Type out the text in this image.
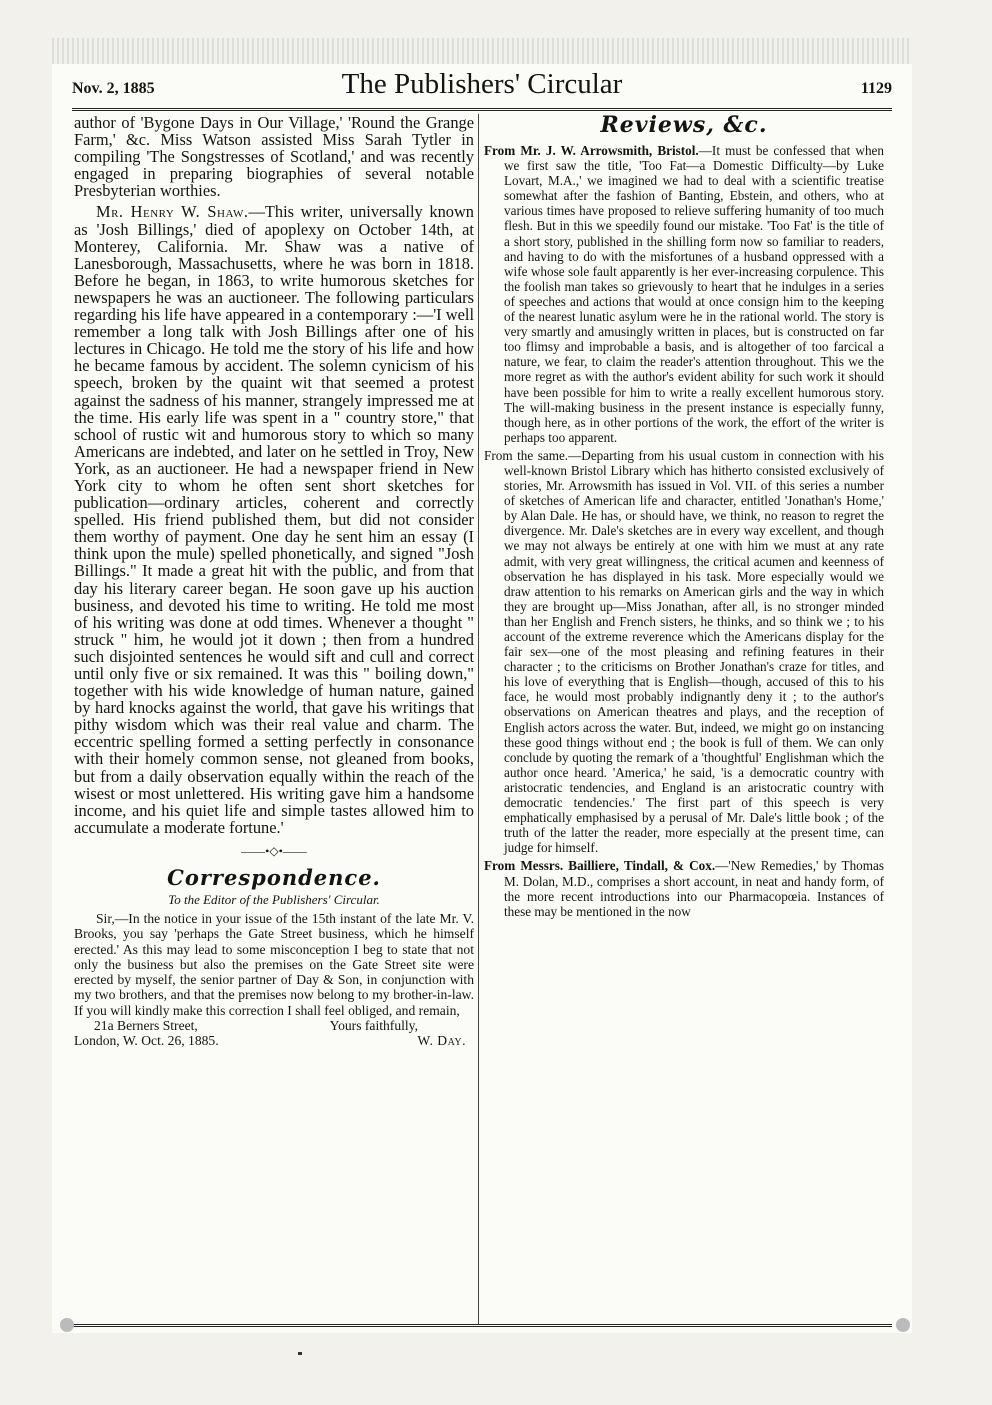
Nov. 2, 1885	The Publishers' Circular	1129

author of 'Bygone Days in Our Village,' 'Round the Grange Farm,' &c. Miss Watson assisted Miss Sarah Tytler in compiling 'The Songstresses of Scotland,' and was recently engaged in preparing biographies of several notable Presbyterian worthies.

Mr. Henry W. Shaw.—This writer, universally known as 'Josh Billings,' died of apoplexy on October 14th, at Monterey, California. Mr. Shaw was a native of Lanesborough, Massachusetts, where he was born in 1818. Before he began, in 1863, to write humorous sketches for newspapers he was an auctioneer. The following particulars regarding his life have appeared in a contemporary :—'I well remember a long talk with Josh Billings after one of his lectures in Chicago. He told me the story of his life and how he became famous by accident. The solemn cynicism of his speech, broken by the quaint wit that seemed a protest against the sadness of his manner, strangely impressed me at the time. His early life was spent in a " country store," that school of rustic wit and humorous story to which so many Americans are indebted, and later on he settled in Troy, New York, as an auctioneer. He had a newspaper friend in New York city to whom he often sent short sketches for publication—ordinary articles, coherent and correctly spelled. His friend published them, but did not consider them worthy of payment. One day he sent him an essay (I think upon the mule) spelled phonetically, and signed "Josh Billings." It made a great hit with the public, and from that day his literary career began. He soon gave up his auction business, and devoted his time to writing. He told me most of his writing was done at odd times. Whenever a thought " struck " him, he would jot it down ; then from a hundred such disjointed sentences he would sift and cull and correct until only five or six remained. It was this " boiling down," together with his wide knowledge of human nature, gained by hard knocks against the world, that gave his writings that pithy wisdom which was their real value and charm. The eccentric spelling formed a setting perfectly in consonance with their homely common sense, not gleaned from books, but from a daily observation equally within the reach of the wisest or most unlettered. His writing gave him a handsome income, and his quiet life and simple tastes allowed him to accumulate a moderate fortune.'

——•◇•——
Correspondence.
To the Editor of the Publishers' Circular.

Sir,—In the notice in your issue of the 15th instant of the late Mr. V. Brooks, you say 'perhaps the Gate Street business, which he himself erected.' As this may lead to some misconception I beg to state that not only the business but also the premises on the Gate Street site were erected by myself, the senior partner of Day & Son, in conjunction with my two brothers, and that the premises now belong to my brother-in-law. If you will kindly make this correction I shall feel obliged, and remain,

21a Berners Street,	Yours faithfully,
London, W. Oct. 26, 1885.	W. Day.
Reviews, &c.

From Mr. J. W. Arrowsmith, Bristol.—It must be confessed that when we first saw the title, 'Too Fat—a Domestic Difficulty—by Luke Lovart, M.A.,' we imagined we had to deal with a scientific treatise somewhat after the fashion of Banting, Ebstein, and others, who at various times have proposed to relieve suffering humanity of too much flesh. But in this we speedily found our mistake. 'Too Fat' is the title of a short story, published in the shilling form now so familiar to readers, and having to do with the misfortunes of a husband oppressed with a wife whose sole fault apparently is her ever-increasing corpulence. This the foolish man takes so grievously to heart that he indulges in a series of speeches and actions that would at once consign him to the keeping of the nearest lunatic asylum were he in the rational world. The story is very smartly and amusingly written in places, but is constructed on far too flimsy and improbable a basis, and is altogether of too farcical a nature, we fear, to claim the reader's attention throughout. This we the more regret as with the author's evident ability for such work it should have been possible for him to write a really excellent humorous story. The will-making business in the present instance is especially funny, though here, as in other portions of the work, the effort of the writer is perhaps too apparent.

From the same.—Departing from his usual custom in connection with his well-known Bristol Library which has hitherto consisted exclusively of stories, Mr. Arrowsmith has issued in Vol. VII. of this series a number of sketches of American life and character, entitled 'Jonathan's Home,' by Alan Dale. He has, or should have, we think, no reason to regret the divergence. Mr. Dale's sketches are in every way excellent, and though we may not always be entirely at one with him we must at any rate admit, with very great willingness, the critical acumen and keenness of observation he has displayed in his task. More especially would we draw attention to his remarks on American girls and the way in which they are brought up—Miss Jonathan, after all, is no stronger minded than her English and French sisters, he thinks, and so think we ; to his account of the extreme reverence which the Americans display for the fair sex—one of the most pleasing and refining features in their character ; to the criticisms on Brother Jonathan's craze for titles, and his love of everything that is English—though, accused of this to his face, he would most probably indignantly deny it ; to the author's observations on American theatres and plays, and the reception of English actors across the water. But, indeed, we might go on instancing these good things without end ; the book is full of them. We can only conclude by quoting the remark of a 'thoughtful' Englishman which the author once heard. 'America,' he said, 'is a democratic country with aristocratic tendencies, and England is an aristocratic country with democratic tendencies.' The first part of this speech is very emphatically emphasised by a perusal of Mr. Dale's little book ; of the truth of the latter the reader, more especially at the present time, can judge for himself.

From Messrs. Bailliere, Tindall, & Cox.—'New Remedies,' by Thomas M. Dolan, M.D., comprises a short account, in neat and handy form, of the more recent introductions into our Pharmacopœia. Instances of these may be mentioned in the now
